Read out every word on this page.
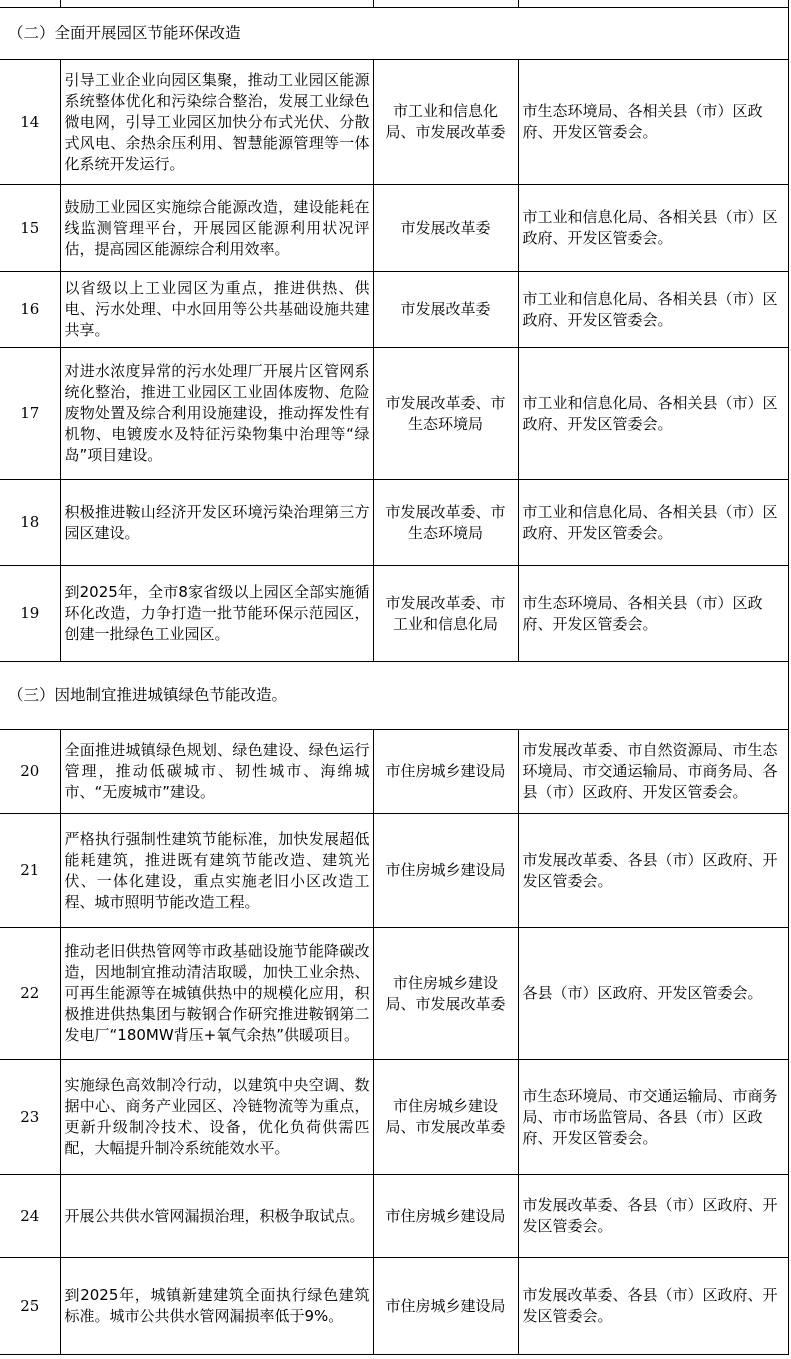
（二）全面开展园区节能环保改造			
14	引导工业企业向园区集聚，推动工业园区能源系统整体优化和污染综合整治，发展工业绿色微电网，引导工业园区加快分布式光伏、分散式风电、余热余压利用、智慧能源管理等一体化系统开发运行。	市工业和信息化局、市发展改革委	市生态环境局、各相关县（市）区政府、开发区管委会。
15	鼓励工业园区实施综合能源改造，建设能耗在线监测管理平台，开展园区能源利用状况评估，提高园区能源综合利用效率。	市发展改革委	市工业和信息化局、各相关县（市）区政府、开发区管委会。
16	以省级以上工业园区为重点，推进供热、供电、污水处理、中水回用等公共基础设施共建共享。	市发展改革委	市工业和信息化局、各相关县（市）区政府、开发区管委会。
17	对进水浓度异常的污水处理厂开展片区管网系统化整治，推进工业园区工业固体废物、危险废物处置及综合利用设施建设，推动挥发性有机物、电镀废水及特征污染物集中治理等“绿岛”项目建设。	市发展改革委、市生态环境局	市工业和信息化局、各相关县（市）区政府、开发区管委会。
18	积极推进鞍山经济开发区环境污染治理第三方园区建设。	市发展改革委、市生态环境局	市工业和信息化局、各相关县（市）区政府、开发区管委会。
19	到2025年，全市8家省级以上园区全部实施循环化改造，力争打造一批节能环保示范园区，创建一批绿色工业园区。	市发展改革委、市工业和信息化局	市生态环境局、各相关县（市）区政府、开发区管委会。
（三）因地制宜推进城镇绿色节能改造。			
20	全面推进城镇绿色规划、绿色建设、绿色运行管理，推动低碳城市、韧性城市、海绵城市、“无废城市”建设。	市住房城乡建设局	市发展改革委、市自然资源局、市生态环境局、市交通运输局、市商务局、各县（市）区政府、开发区管委会。
21	严格执行强制性建筑节能标准，加快发展超低能耗建筑，推进既有建筑节能改造、建筑光伏、一体化建设，重点实施老旧小区改造工程、城市照明节能改造工程。	市住房城乡建设局	市发展改革委、各县（市）区政府、开发区管委会。
22	推动老旧供热管网等市政基础设施节能降碳改造，因地制宜推动清洁取暖，加快工业余热、可再生能源等在城镇供热中的规模化应用，积极推进供热集团与鞍钢合作研究推进鞍钢第二发电厂“180MW背压+氧气余热”供暖项目。	市住房城乡建设局、市发展改革委	各县（市）区政府、开发区管委会。
23	实施绿色高效制冷行动，以建筑中央空调、数据中心、商务产业园区、冷链物流等为重点，更新升级制冷技术、设备，优化负荷供需匹配，大幅提升制冷系统能效水平。	市住房城乡建设局、市发展改革委	市生态环境局、市交通运输局、市商务局、市市场监管局、各县（市）区政府、开发区管委会。
24	开展公共供水管网漏损治理，积极争取试点。	市住房城乡建设局	市发展改革委、各县（市）区政府、开发区管委会。
25	到2025年，城镇新建建筑全面执行绿色建筑标准。城市公共供水管网漏损率低于9%。	市住房城乡建设局	市发展改革委、各县（市）区政府、开发区管委会。
